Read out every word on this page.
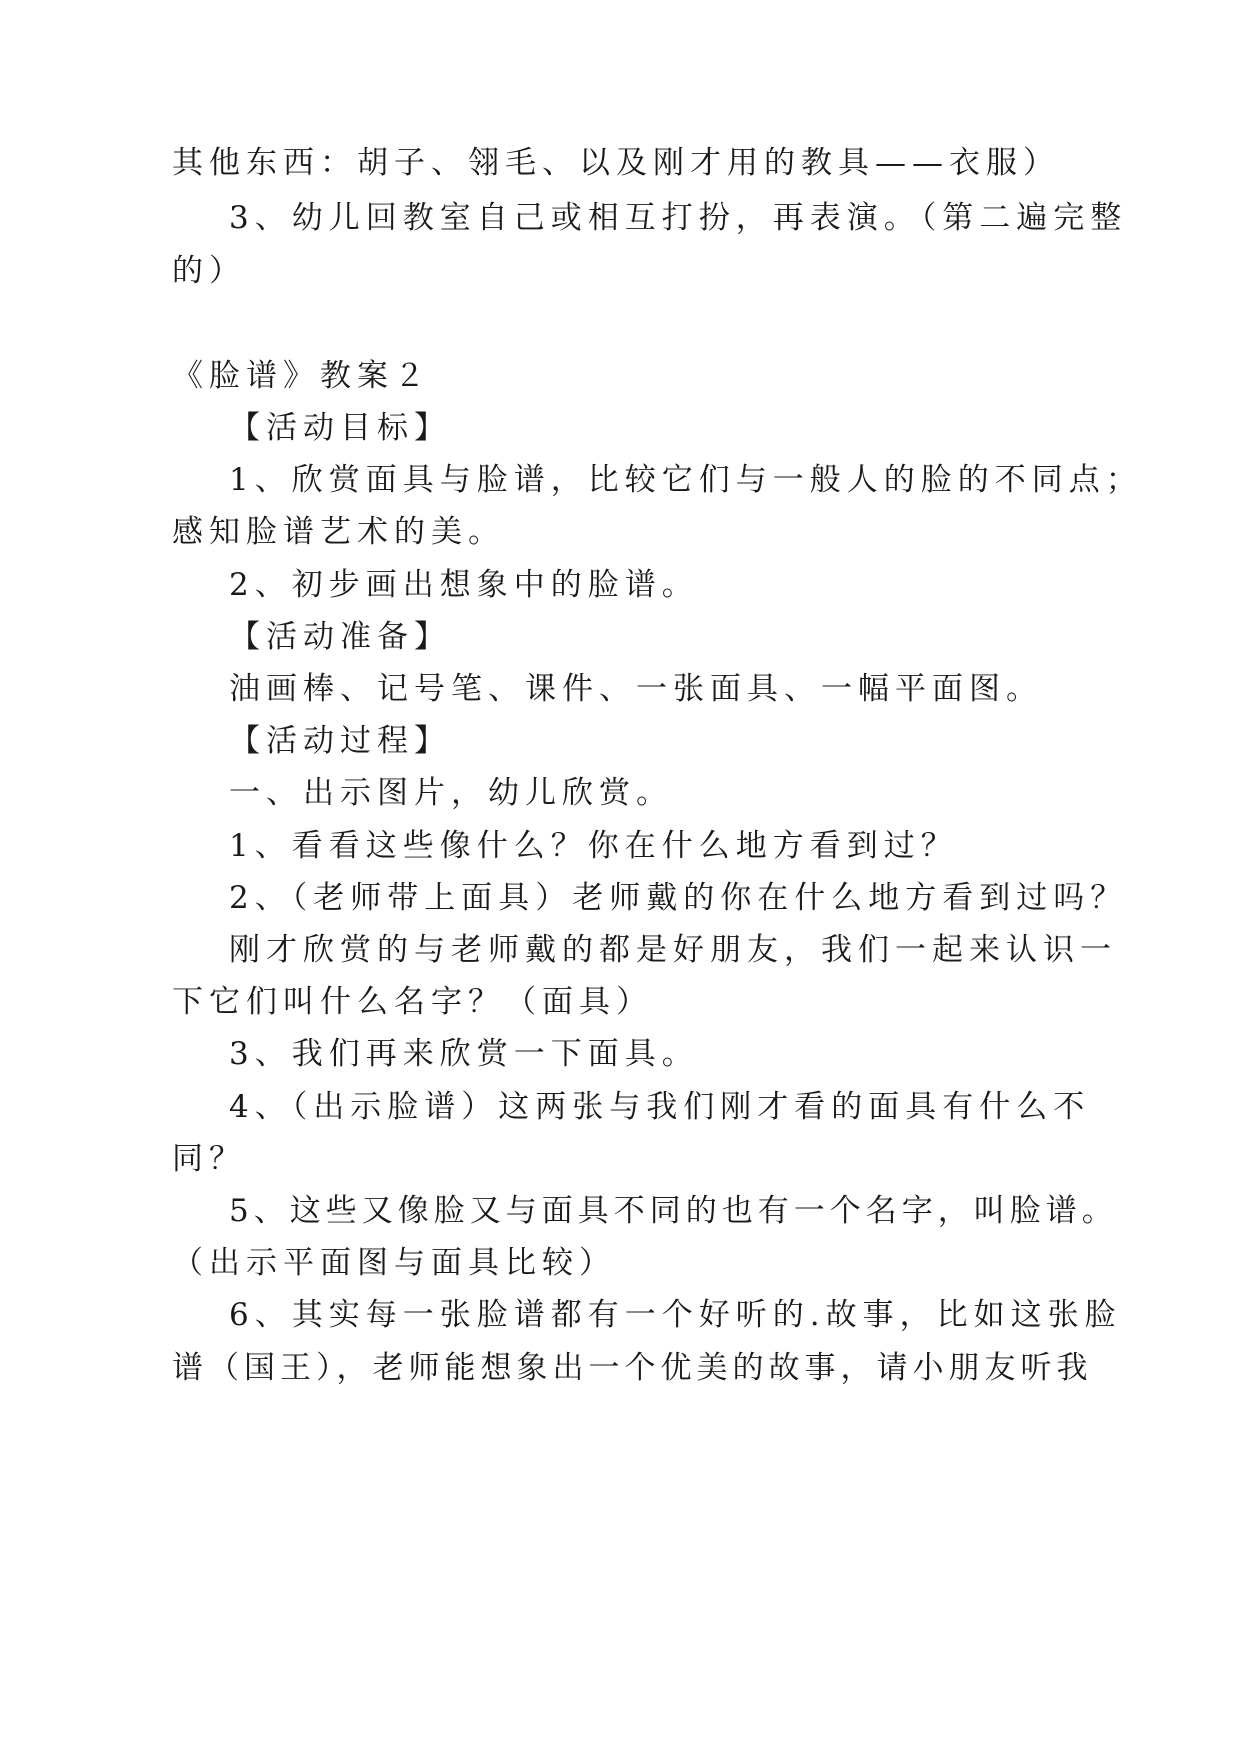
其他东西：胡子、翎毛、以及刚才用的教具——衣服）

3、幼儿回教室自己或相互打扮，再表演。（第二遍完整

的）

《脸谱》教案２

【活动目标】

1、欣赏面具与脸谱，比较它们与一般人的脸的不同点；

感知脸谱艺术的美。

2、初步画出想象中的脸谱。

【活动准备】

油画棒、记号笔、课件、一张面具、一幅平面图。

【活动过程】

一、出示图片，幼儿欣赏。

1、看看这些像什么？你在什么地方看到过？

2、（老师带上面具）老师戴的你在什么地方看到过吗？

刚才欣赏的与老师戴的都是好朋友，我们一起来认识一

下它们叫什么名字？（面具）

3、我们再来欣赏一下面具。

4、（出示脸谱）这两张与我们刚才看的面具有什么不

同？

5、这些又像脸又与面具不同的也有一个名字，叫脸谱。

（出示平面图与面具比较）

6、其实每一张脸谱都有一个好听的.故事，比如这张脸

谱（国王），老师能想象出一个优美的故事，请小朋友听我
